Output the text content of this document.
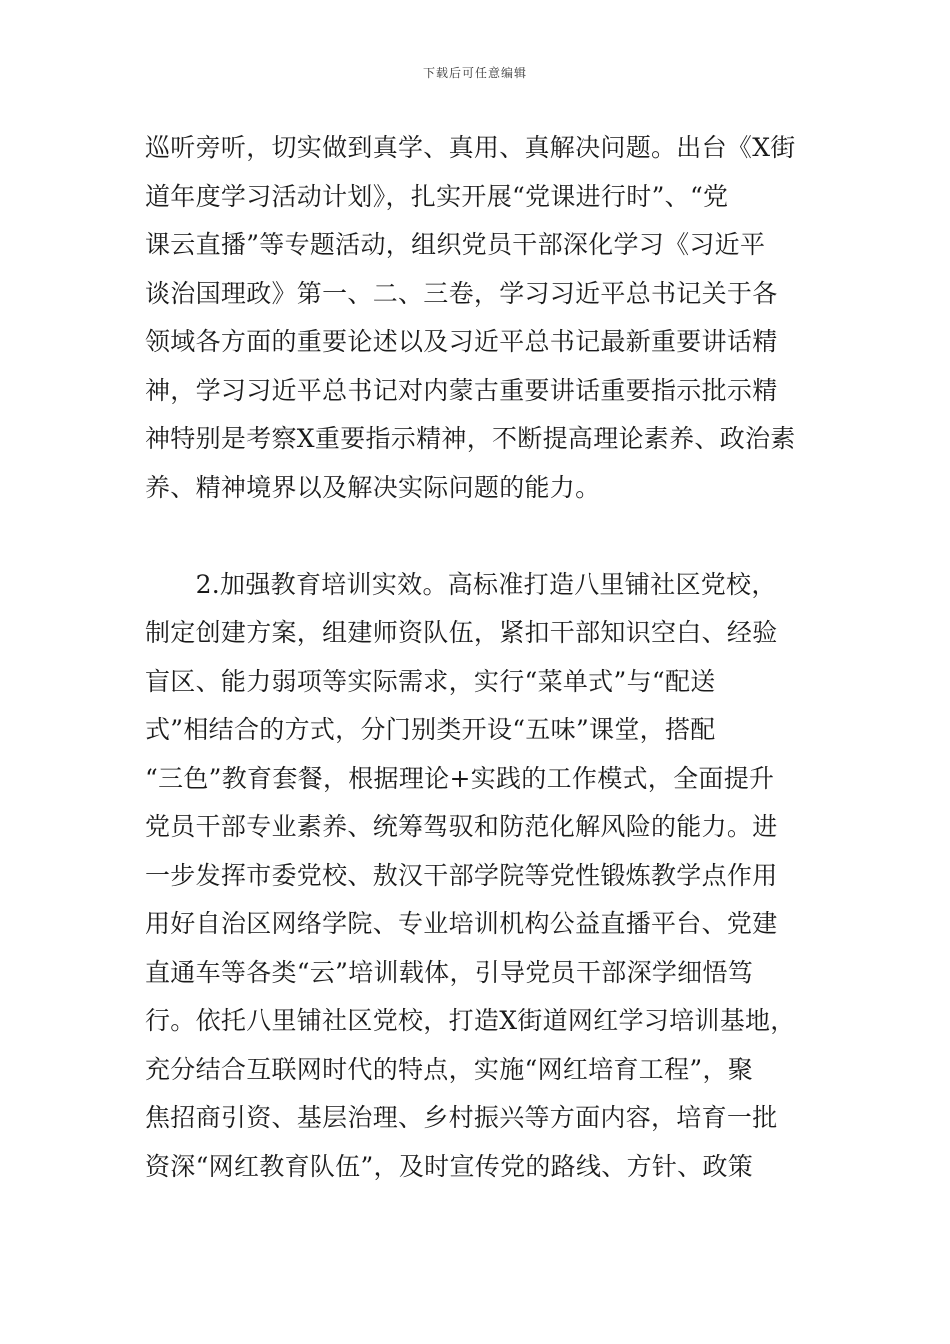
下载后可任意编辑
巡听旁听，切实做到真学、真用、真解决问题。出台《X街
道年度学习活动计划》，扎实开展“党课进行时”、“党
课云直播”等专题活动，组织党员干部深化学习《习近平
谈治国理政》第一、二、三卷，学习习近平总书记关于各
领域各方面的重要论述以及习近平总书记最新重要讲话精
神，学习习近平总书记对内蒙古重要讲话重要指示批示精
神特别是考察X重要指示精神，不断提高理论素养、政治素
养、精神境界以及解决实际问题的能力。
　　2.加强教育培训实效。高标准打造八里铺社区党校，
制定创建方案，组建师资队伍，紧扣干部知识空白、经验
盲区、能力弱项等实际需求，实行“菜单式”与“配送
式”相结合的方式，分门别类开设“五味”课堂，搭配
“三色”教育套餐，根据理论+实践的工作模式，全面提升
党员干部专业素养、统筹驾驭和防范化解风险的能力。进
一步发挥市委党校、敖汉干部学院等党性锻炼教学点作用
用好自治区网络学院、专业培训机构公益直播平台、党建
直通车等各类“云”培训载体，引导党员干部深学细悟笃
行。依托八里铺社区党校，打造X街道网红学习培训基地，
充分结合互联网时代的特点，实施“网红培育工程”，聚
焦招商引资、基层治理、乡村振兴等方面内容，培育一批
资深“网红教育队伍”，及时宣传党的路线、方针、政策
